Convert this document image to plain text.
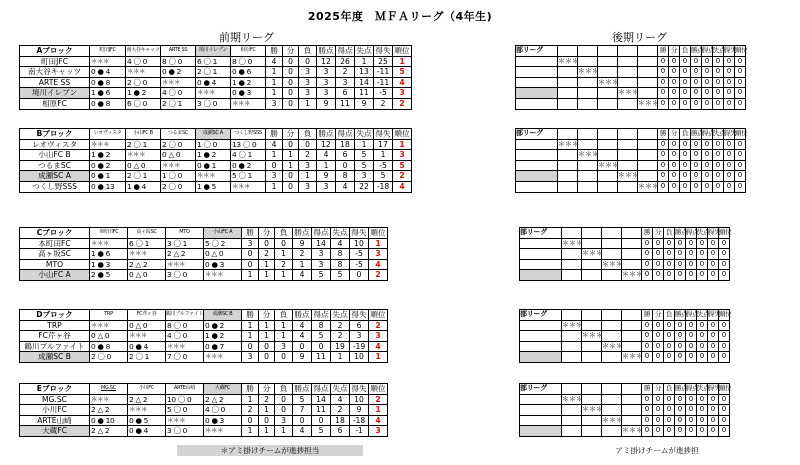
2025年度　ＭＦＡリーグ（4年生)
前期リーグ	後期リーグ
Aブロック	町田JFC	南大谷キャッツ	ARTE SS	境川イレブン	相原FC	勝	分	負	勝点	得点	失点	得失	順位
町田JFC	＊＊＊	4 〇 0	8 〇 0	6 〇 1	8 〇 0	4	0	0	12	26	1	25	1
南大谷キャッツ	0 ● 4	＊＊＊	0 ● 2	2 〇 1	0 ● 6	1	0	3	3	2	13	-11	5
ARTE SS	0 ● 8	2 〇 0	＊＊＊	0 ● 4	1 ● 2	1	0	3	3	3	14	-11	4
境川イレブン	1 ● 6	1 ● 2	4 〇 0	＊＊＊	0 ● 3	1	0	3	3	6	11	-5	3
相原FC	0 ● 8	6 〇 0	2 〇 1	3 〇 0	＊＊＊	3	0	1	9	11	9	2	2
部リーグ						勝	分	負	勝点	得点	失点	得失	順位
	＊＊＊					0	0	0	0	0	0	0	0
		＊＊＊				0	0	0	0	0	0	0	0
			＊＊＊			0	0	0	0	0	0	0	0
				＊＊＊		0	0	0	0	0	0	0	0
					＊＊＊	0	0	0	0	0	0	0	0
Bブロック	レオヴィスタ	小山FC B	つるまSC	成瀬SC A	つくし野SSS	勝	分	負	勝点	得点	失点	得失	順位
レオヴィスタ	＊＊＊	2 〇 1	2 〇 0	1 〇 0	13 〇 0	4	0	0	12	18	1	17	1
小山FC B	1 ● 2	＊＊＊	0 △ 0	1 ● 2	4 〇 1	1	1	2	4	6	5	1	3
つるまSC	0 ● 2	0 △ 0	＊＊＊	0 ● 1	0 ● 2	0	1	3	1	0	5	-5	5
成瀬SC A	0 ● 1	2 〇 1	1 〇 0	＊＊＊	5 〇 1	3	0	1	9	8	3	5	2
つくし野SSS	0 ● 13	1 ● 4	2 〇 0	1 ● 5	＊＊＊	1	0	3	3	4	22	-18	4
部リーグ						勝	分	負	勝点	得点	失点	得失	順位
	＊＊＊					0	0	0	0	0	0	0	0
		＊＊＊				0	0	0	0	0	0	0	0
			＊＊＊			0	0	0	0	0	0	0	0
				＊＊＊		0	0	0	0	0	0	0	0
					＊＊＊	0	0	0	0	0	0	0	0
Cブロック	本町田FC	高ヶ坂SC	MTO	小山FC A	勝	分	負	勝点	得点	失点	得失	順位
本町田FC	＊＊＊	6 〇 1	3 〇 1	5 〇 2	3	0	0	9	14	4	10	1
高ヶ坂SC	1 ● 6	＊＊＊	2 △ 2	0 △ 0	0	2	1	2	3	8	-5	3
MTO	1 ● 3	2 △ 2	＊＊＊	0 ● 3	0	1	2	1	3	8	-5	4
小山FC A	2 ● 5	0 △ 0	3 〇 0	＊＊＊	1	1	1	4	5	5	0	2
部リーグ					勝	分	負	勝点	得点	失点	得失	順位
	＊＊＊				0	0	0	0	0	0	0	0
		＊＊＊			0	0	0	0	0	0	0	0
			＊＊＊		0	0	0	0	0	0	0	0
				＊＊＊	0	0	0	0	0	0	0	0
Dブロック	TRP	FC芹ヶ谷	鶴川ブルファイト	成瀬SC B	勝	分	負	勝点	得点	失点	得失	順位
TRP	＊＊＊	0 △ 0	8 〇 0	0 ● 2	1	1	1	4	8	2	6	2
FC芹ヶ谷	0 △ 0	＊＊＊	4 〇 0	1 ● 2	1	1	1	4	5	2	3	3
鶴川ブルファイト	0 ● 8	0 ● 4	＊＊＊	0 ● 7	0	0	3	0	0	19	-19	4
成瀬SC B	2 〇 0	2 〇 1	7 〇 0	＊＊＊	3	0	0	9	11	1	10	1
部リーグ					勝	分	負	勝点	得点	失点	得失	順位
	＊＊＊				0	0	0	0	0	0	0	0
		＊＊＊			0	0	0	0	0	0	0	0
			＊＊＊		0	0	0	0	0	0	0	0
				＊＊＊	0	0	0	0	0	0	0	0
Eブロック	MG.SC	小川FC	ARTE山崎	大蔵FC	勝	分	負	勝点	得点	失点	得失	順位
MG.SC	＊＊＊	2 △ 2	10 〇 0	2 △ 2	1	2	0	5	14	4	10	2
小川FC	2 △ 2	＊＊＊	5 〇 0	4 〇 0	2	1	0	7	11	2	9	1
ARTE山崎	0 ● 10	0 ● 5	＊＊＊	0 ● 3	0	0	3	0	0	18	-18	4
大蔵FC	2 △ 2	0 ● 4	3 〇 0	＊＊＊	1	1	1	4	5	6	-1	3
部リーグ					勝	分	負	勝点	得点	失点	得失	順位
	＊＊＊				0	0	0	0	0	0	0	0
		＊＊＊			0	0	0	0	0	0	0	0
			＊＊＊		0	0	0	0	0	0	0	0
				＊＊＊	0	0	0	0	0	0	0	0
＊アミ掛けチームが進捗担当	アミ掛けチームが進捗担
